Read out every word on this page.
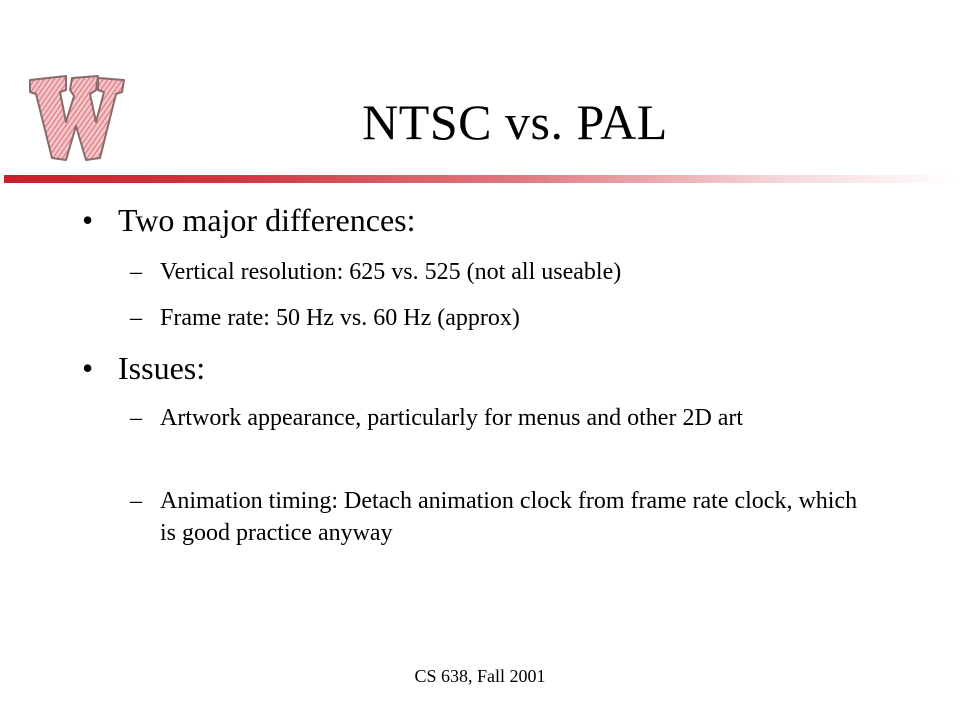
NTSC vs. PAL
• Two major differences:
– Vertical resolution: 625 vs. 525 (not all useable)
– Frame rate: 50 Hz vs. 60 Hz (approx)
• Issues:
– Artwork appearance, particularly for menus and other 2D art
– Animation timing: Detach animation clock from frame rate clock, which is good practice anyway
CS 638, Fall 2001
